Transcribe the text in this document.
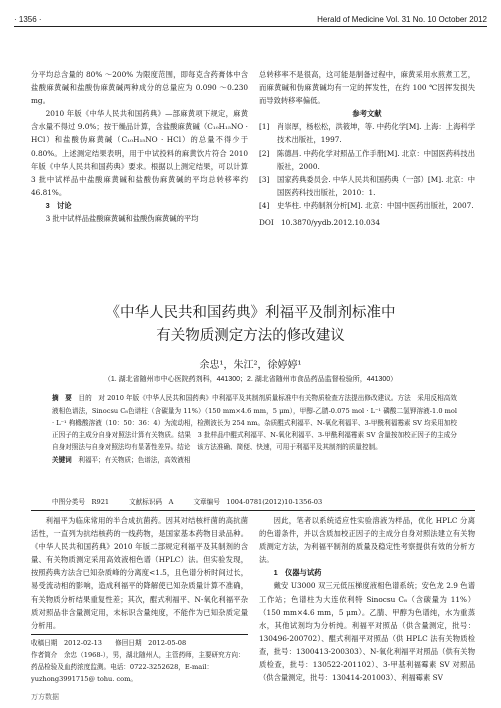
· 1356 ·	Herald of Medicine Vol. 31 No. 10 October 2012

分平均总含量的 80% ～200% 为限度范围，即每克含药膏体中含盐酸麻黄碱和盐酸伪麻黄碱两种成分的总量应为 0.090 ～0.230 mg。

2010 年版《中华人民共和国药典》—部麻黄项下规定，麻黄含水量不得过 9.0%；按干燥品计算，含盐酸麻黄碱（C₁₀H₁₅NO · HCl）和盐酸伪麻黄碱（C₁₀H₁₅NO · HCl）的总量不得少于 0.80%。上述测定结果表明，用于中试投料的麻黄饮片符合 2010 年版《中华人民共和国药典》要求。根据以上测定结果，可以计算 3 批中试样品中盐酸麻黄碱和盐酸伪麻黄碱的平均总转移率约 46.81%。

3　讨论

3 批中试样品盐酸麻黄碱和盐酸伪麻黄碱的平均

总转移率不是很高，这可能是制备过程中，麻黄采用水煎煮工艺，而麻黄碱和伪麻黄碱均有一定的挥发性，在约 100 ℃因挥发损失而导致转移率偏低。

参考文献
[1]	肖崇厚，杨松松，洪筱坤，等. 中药化学[M]. 上海：上海科学技术出版社，1997.
[2]	陈德昌. 中药化学对照品工作手册[M]. 北京：中国医药科技出版社，2000.
[3]	国家药典委员会. 中华人民共和国药典（一部）[M]. 北京：中国医药科技出版社，2010：1.
[4]	史华柱. 中药制剂分析[M]. 北京：中国中医药出版社，2007.
DOI　10.3870/yydb.2012.10.034
《中华人民共和国药典》利福平及制剂标准中
有关物质测定方法的修改建议
余忠¹，朱江²，徐婷婷¹
（1. 湖北省随州市中心医院药剂科，441300；2. 湖北省随州市食品药品监督检验所，441300）
摘　要　 目的　对 2010 年版《中华人民共和国药典》中利福平及其制剂质量标准中有关物质检查方法提出修改建议。方法　采用反相高效液相色谱法，Sinocsu C₈色谱柱（含碳量为 11%）（150 mm×4.6 mm，5 μm），甲醇-乙腈-0.075 mol · L⁻¹ 磷酸二氢钾溶液-1.0 mol · L⁻¹ 枸橼酸溶液（10：50：36：4）为流动相，检测波长为 254 nm。杂质醌式利福平、N-氧化利福平、3-甲酰利福霉素 SV 均采用加校正因子的主成分自身对照法计算有关物质。结果　3 批样品中醌式利福平、N-氧化利福平、3-甲酰利福霉素 SV 含量按加校正因子的主成分自身对照法与自身对照法均有显著性差异。结论　该方法准确、简便、快速，可用于利福平及其制剂的质量控制。
关键词　 利福平；有关物质；色谱法，高效液相
中图分类号　R921	文献标识码　A	文章编号　1004-0781(2012)10-1356-03

利福平为临床常用的半合成抗菌药。因其对结核杆菌的高抗菌活性，一直列为抗结核药的一线药物，是国家基本药物目录品种。《中华人民共和国药典》2010 年版二部规定利福平及其制剂的含量、有关物质测定采用高效液相色谱（HPLC）法。但实验发现，按照药典方法含已知杂质峰的分离度<1.5，且色谱分析时间过长，易受流动相的影响，造成利福平的降解使已知杂质量计算不准确，有关物质分析结果重复性差；其次，醌式利福平、N-氧化利福平杂质对照品非含量测定用，未标识含量纯度，不能作为已知杂质定量分析用。

收稿日期　2012-02-13　　修回日期　2012-05-08
作者简介　余忠（1968-），男，湖北随州人，主管药师，主要研究方向：药品检验及血药浓度监测。电话：0722-3252628，E-mail：yuzhong3991715@ tohu. com。

因此，笔者以系统适应性实验溶液为样品，优化 HPLC 分离的色谱条件，并以含质加校正因子的主成分自身对照法建立有关物质测定方法，为利福平制剂的质量及稳定性考察提供有效的分析方法。

1　仪器与试药

戴安 U3000 双三元低压梯度液相色谱系统；安色龙 2.9 色谱工作站；色谱柱为大连依利特 Sinocsu C₈（含碳量为 11%）（150 mm×4.6 mm，5 μm）。乙腈、甲醇为色谱纯，水为重蒸水，其他试剂均为分析纯。利福平对照品（供含量测定，批号：130496-200702）、醌式利福平对照品（供 HPLC 法有关物质检查，批号：1300413-200303）、N-氧化利福平对照品（供有关物质检查，批号：130522-201102）、3-甲基利福霉素 SV 对照品（供含量测定，批号：130414-201003）、利福霉素 SV

万方数据
